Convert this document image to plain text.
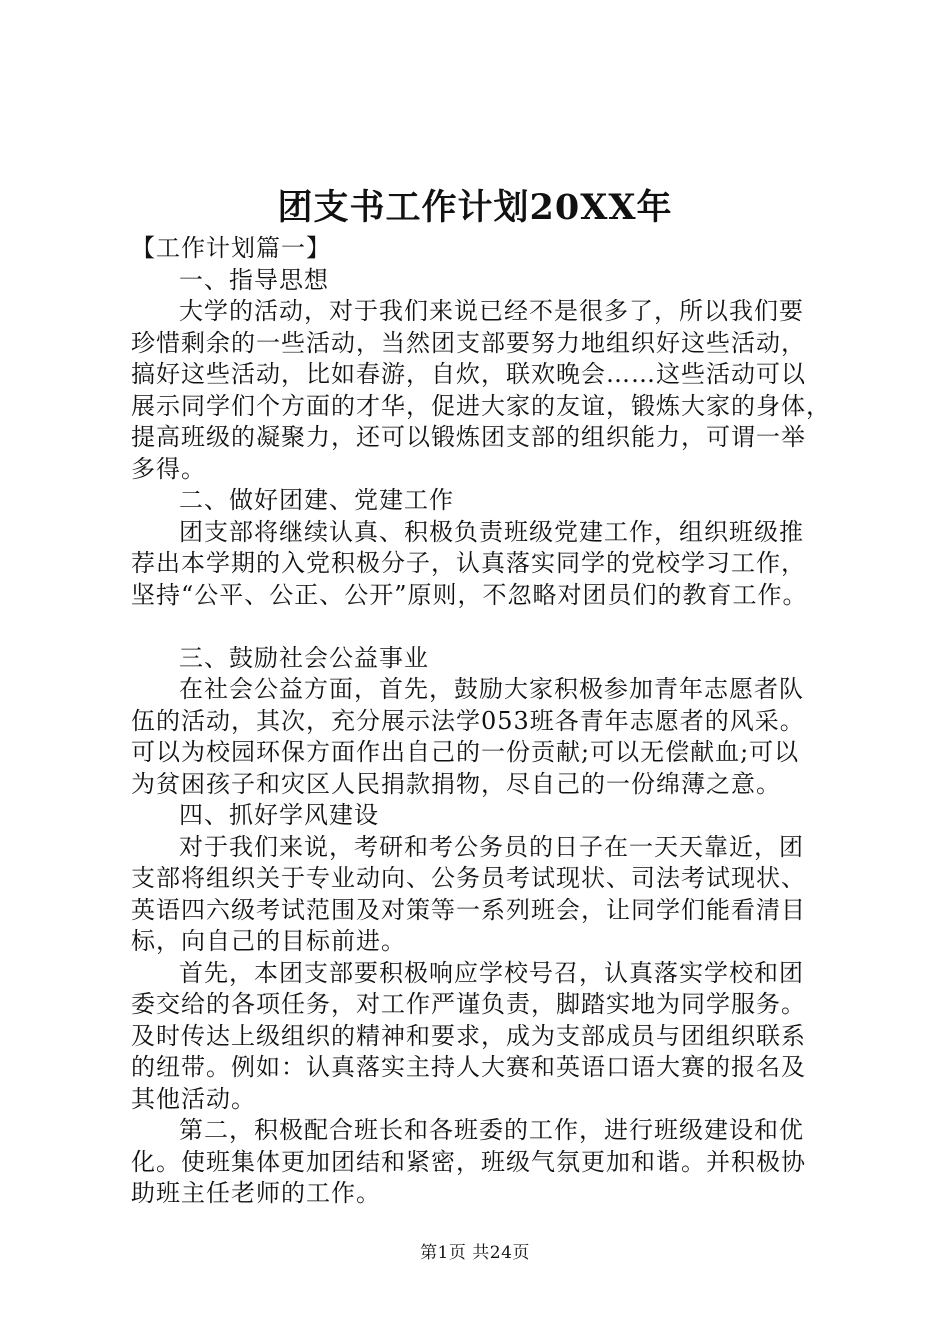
团支书工作计划20XX年
【工作计划篇一】
一、指导思想
大学的活动，对于我们来说已经不是很多了，所以我们要
珍惜剩余的一些活动，当然团支部要努力地组织好这些活动，
搞好这些活动，比如春游，自炊，联欢晚会……这些活动可以
展示同学们个方面的才华，促进大家的友谊，锻炼大家的身体，
提高班级的凝聚力，还可以锻炼团支部的组织能力，可谓一举
多得。
二、做好团建、党建工作
团支部将继续认真、积极负责班级党建工作，组织班级推
荐出本学期的入党积极分子，认真落实同学的党校学习工作，
坚持“公平、公正、公开”原则，不忽略对团员们的教育工作。
三、鼓励社会公益事业
在社会公益方面，首先，鼓励大家积极参加青年志愿者队
伍的活动，其次，充分展示法学053班各青年志愿者的风采。
可以为校园环保方面作出自己的一份贡献;可以无偿献血;可以
为贫困孩子和灾区人民捐款捐物，尽自己的一份绵薄之意。
四、抓好学风建设
对于我们来说，考研和考公务员的日子在一天天靠近，团
支部将组织关于专业动向、公务员考试现状、司法考试现状、
英语四六级考试范围及对策等一系列班会，让同学们能看清目
标，向自己的目标前进。
首先，本团支部要积极响应学校号召，认真落实学校和团
委交给的各项任务，对工作严谨负责，脚踏实地为同学服务。
及时传达上级组织的精神和要求，成为支部成员与团组织联系
的纽带。例如：认真落实主持人大赛和英语口语大赛的报名及
其他活动。
第二，积极配合班长和各班委的工作，进行班级建设和优
化。使班集体更加团结和紧密，班级气氛更加和谐。并积极协
助班主任老师的工作。
第1页 共24页
